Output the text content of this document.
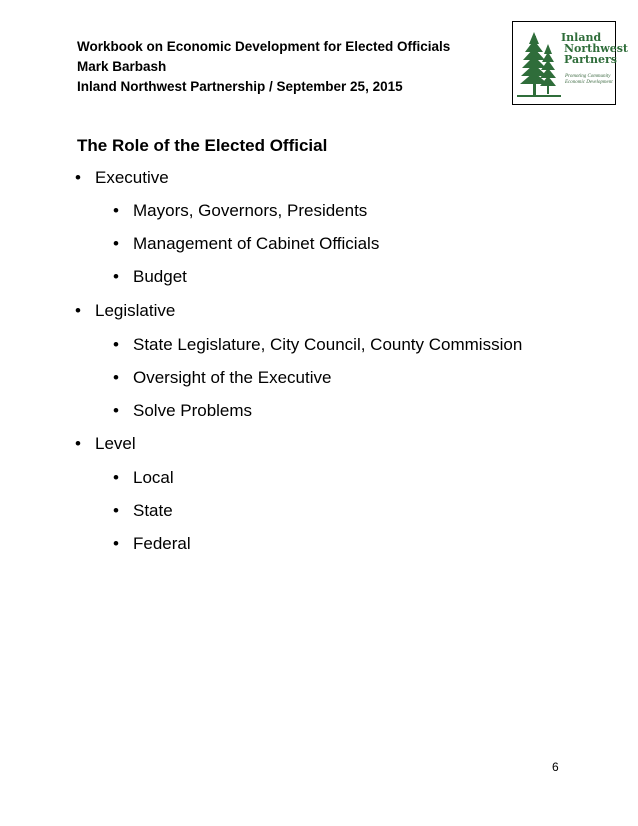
Workbook on Economic Development for Elected Officials
Mark Barbash
Inland Northwest Partnership / September 25, 2015
Inland
Northwest
Partners
Promoting Community Economic Development
The Role of the Elected Official
• Executive
• Mayors, Governors, Presidents
• Management of Cabinet Officials
• Budget
• Legislative
• State Legislature, City Council, County Commission
• Oversight of the Executive
• Solve Problems
• Level
• Local
• State
• Federal
6
